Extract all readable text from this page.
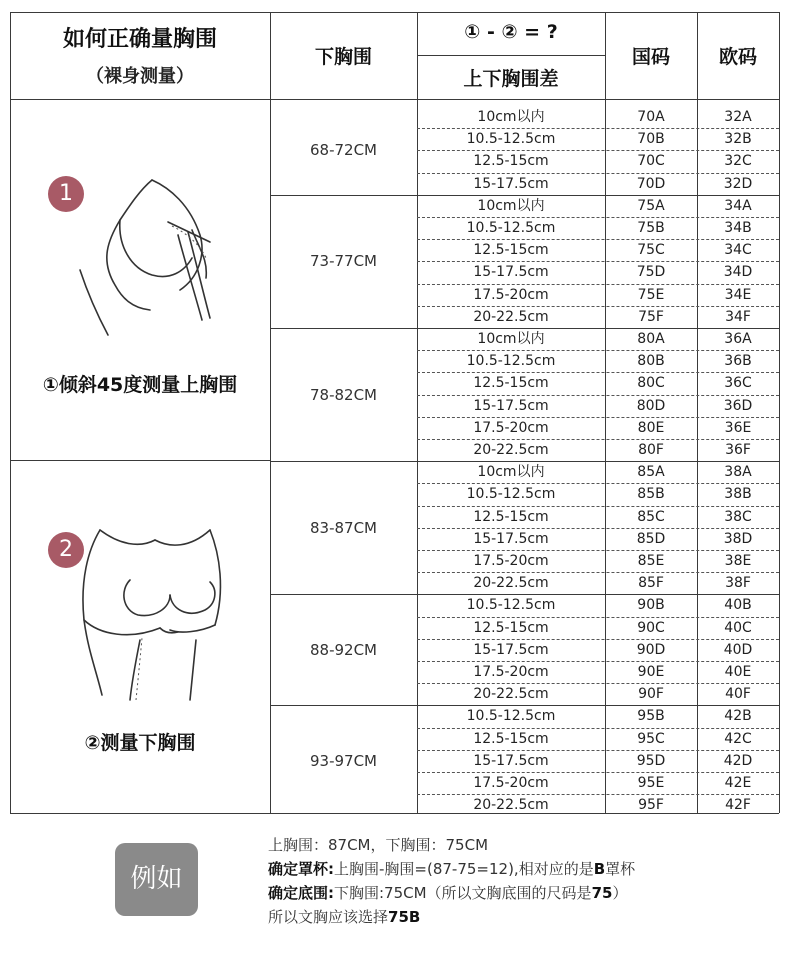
如何正确量胸围
（裸身测量）
下胸围
① - ② = ?
上下胸围差
国码	欧码
1
①倾斜45度测量上胸围
2
②测量下胸围
68-72CM
10cm以内	70A	32A
10.5-12.5cm	70B	32B
12.5-15cm	70C	32C
15-17.5cm	70D	32D
73-77CM
10cm以内	75A	34A
10.5-12.5cm	75B	34B
12.5-15cm	75C	34C
15-17.5cm	75D	34D
17.5-20cm	75E	34E
20-22.5cm	75F	34F
78-82CM
10cm以内	80A	36A
10.5-12.5cm	80B	36B
12.5-15cm	80C	36C
15-17.5cm	80D	36D
17.5-20cm	80E	36E
20-22.5cm	80F	36F
83-87CM
10cm以内	85A	38A
10.5-12.5cm	85B	38B
12.5-15cm	85C	38C
15-17.5cm	85D	38D
17.5-20cm	85E	38E
20-22.5cm	85F	38F
88-92CM
10.5-12.5cm	90B	40B
12.5-15cm	90C	40C
15-17.5cm	90D	40D
17.5-20cm	90E	40E
20-22.5cm	90F	40F
93-97CM
10.5-12.5cm	95B	42B
12.5-15cm	95C	42C
15-17.5cm	95D	42D
17.5-20cm	95E	42E
20-22.5cm	95F	42F
例如
上胸围：87CM，下胸围：75CM
确定罩杯:上胸围-胸围=(87-75=12),相对应的是B罩杯
确定底围:下胸围:75CM（所以文胸底围的尺码是75）
所以文胸应该选择75B
